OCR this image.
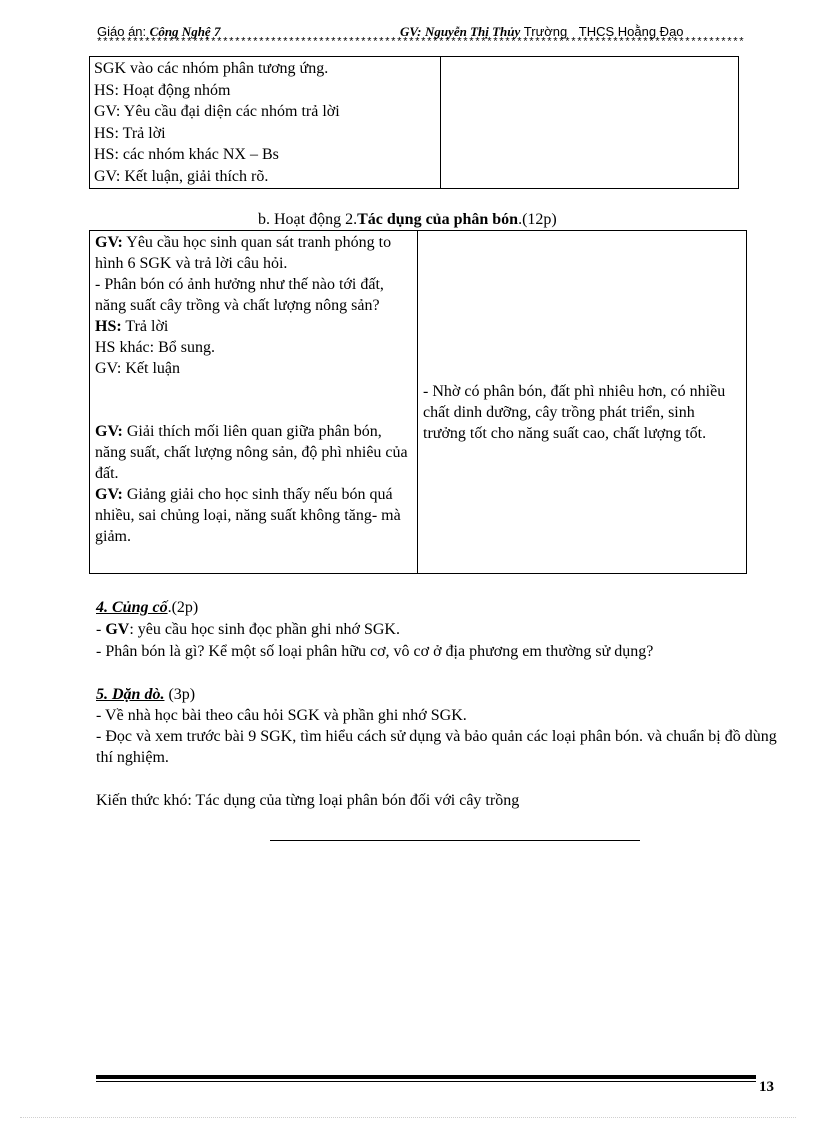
Giáo án: Công Nghệ 7	GV: Nguyễn Thị Thủy Trường THCS Hoằng Đạo
************************************************************************************************************
SGK vào các nhóm phân tương ứng.
HS: Hoạt động nhóm
GV: Yêu cầu đại diện các nhóm trả lời
HS: Trả lời
HS: các nhóm khác NX – Bs
GV: Kết luận, giải thích rõ.

b. Hoạt động 2.Tác dụng của phân bón.(12p)
GV: Yêu cầu học sinh quan sát tranh phóng to hình 6 SGK và trả lời câu hỏi.
- Phân bón có ảnh hưởng như thế nào tới đất, năng suất cây trồng và chất lượng nông sản?
HS: Trả lời
HS khác: Bổ sung.
GV: Kết luận
GV: Giải thích mối liên quan giữa phân bón, năng suất, chất lượng nông sản, độ phì nhiêu của đất.
GV: Giảng giải cho học sinh thấy nếu bón quá nhiều, sai chủng loại, năng suất không tăng- mà giảm.

- Nhờ có phân bón, đất phì nhiêu hơn, có nhiều chất dinh dưỡng, cây trồng phát triển, sinh trưởng tốt cho năng suất cao, chất lượng tốt.
4. Củng cố.(2p)
- GV: yêu cầu học sinh đọc phần ghi nhớ SGK.
- Phân bón là gì? Kể một số loại phân hữu cơ, vô cơ ở địa phương em thường sử dụng?
5. Dặn dò. (3p)
- Về nhà học bài theo câu hỏi SGK và phần ghi nhớ SGK.
- Đọc và xem trước bài 9 SGK, tìm hiểu cách sử dụng và bảo quản các loại phân bón. và chuẩn bị đồ dùng thí nghiệm.
Kiến thức khó: Tác dụng của từng loại phân bón đối với cây trồng
13
